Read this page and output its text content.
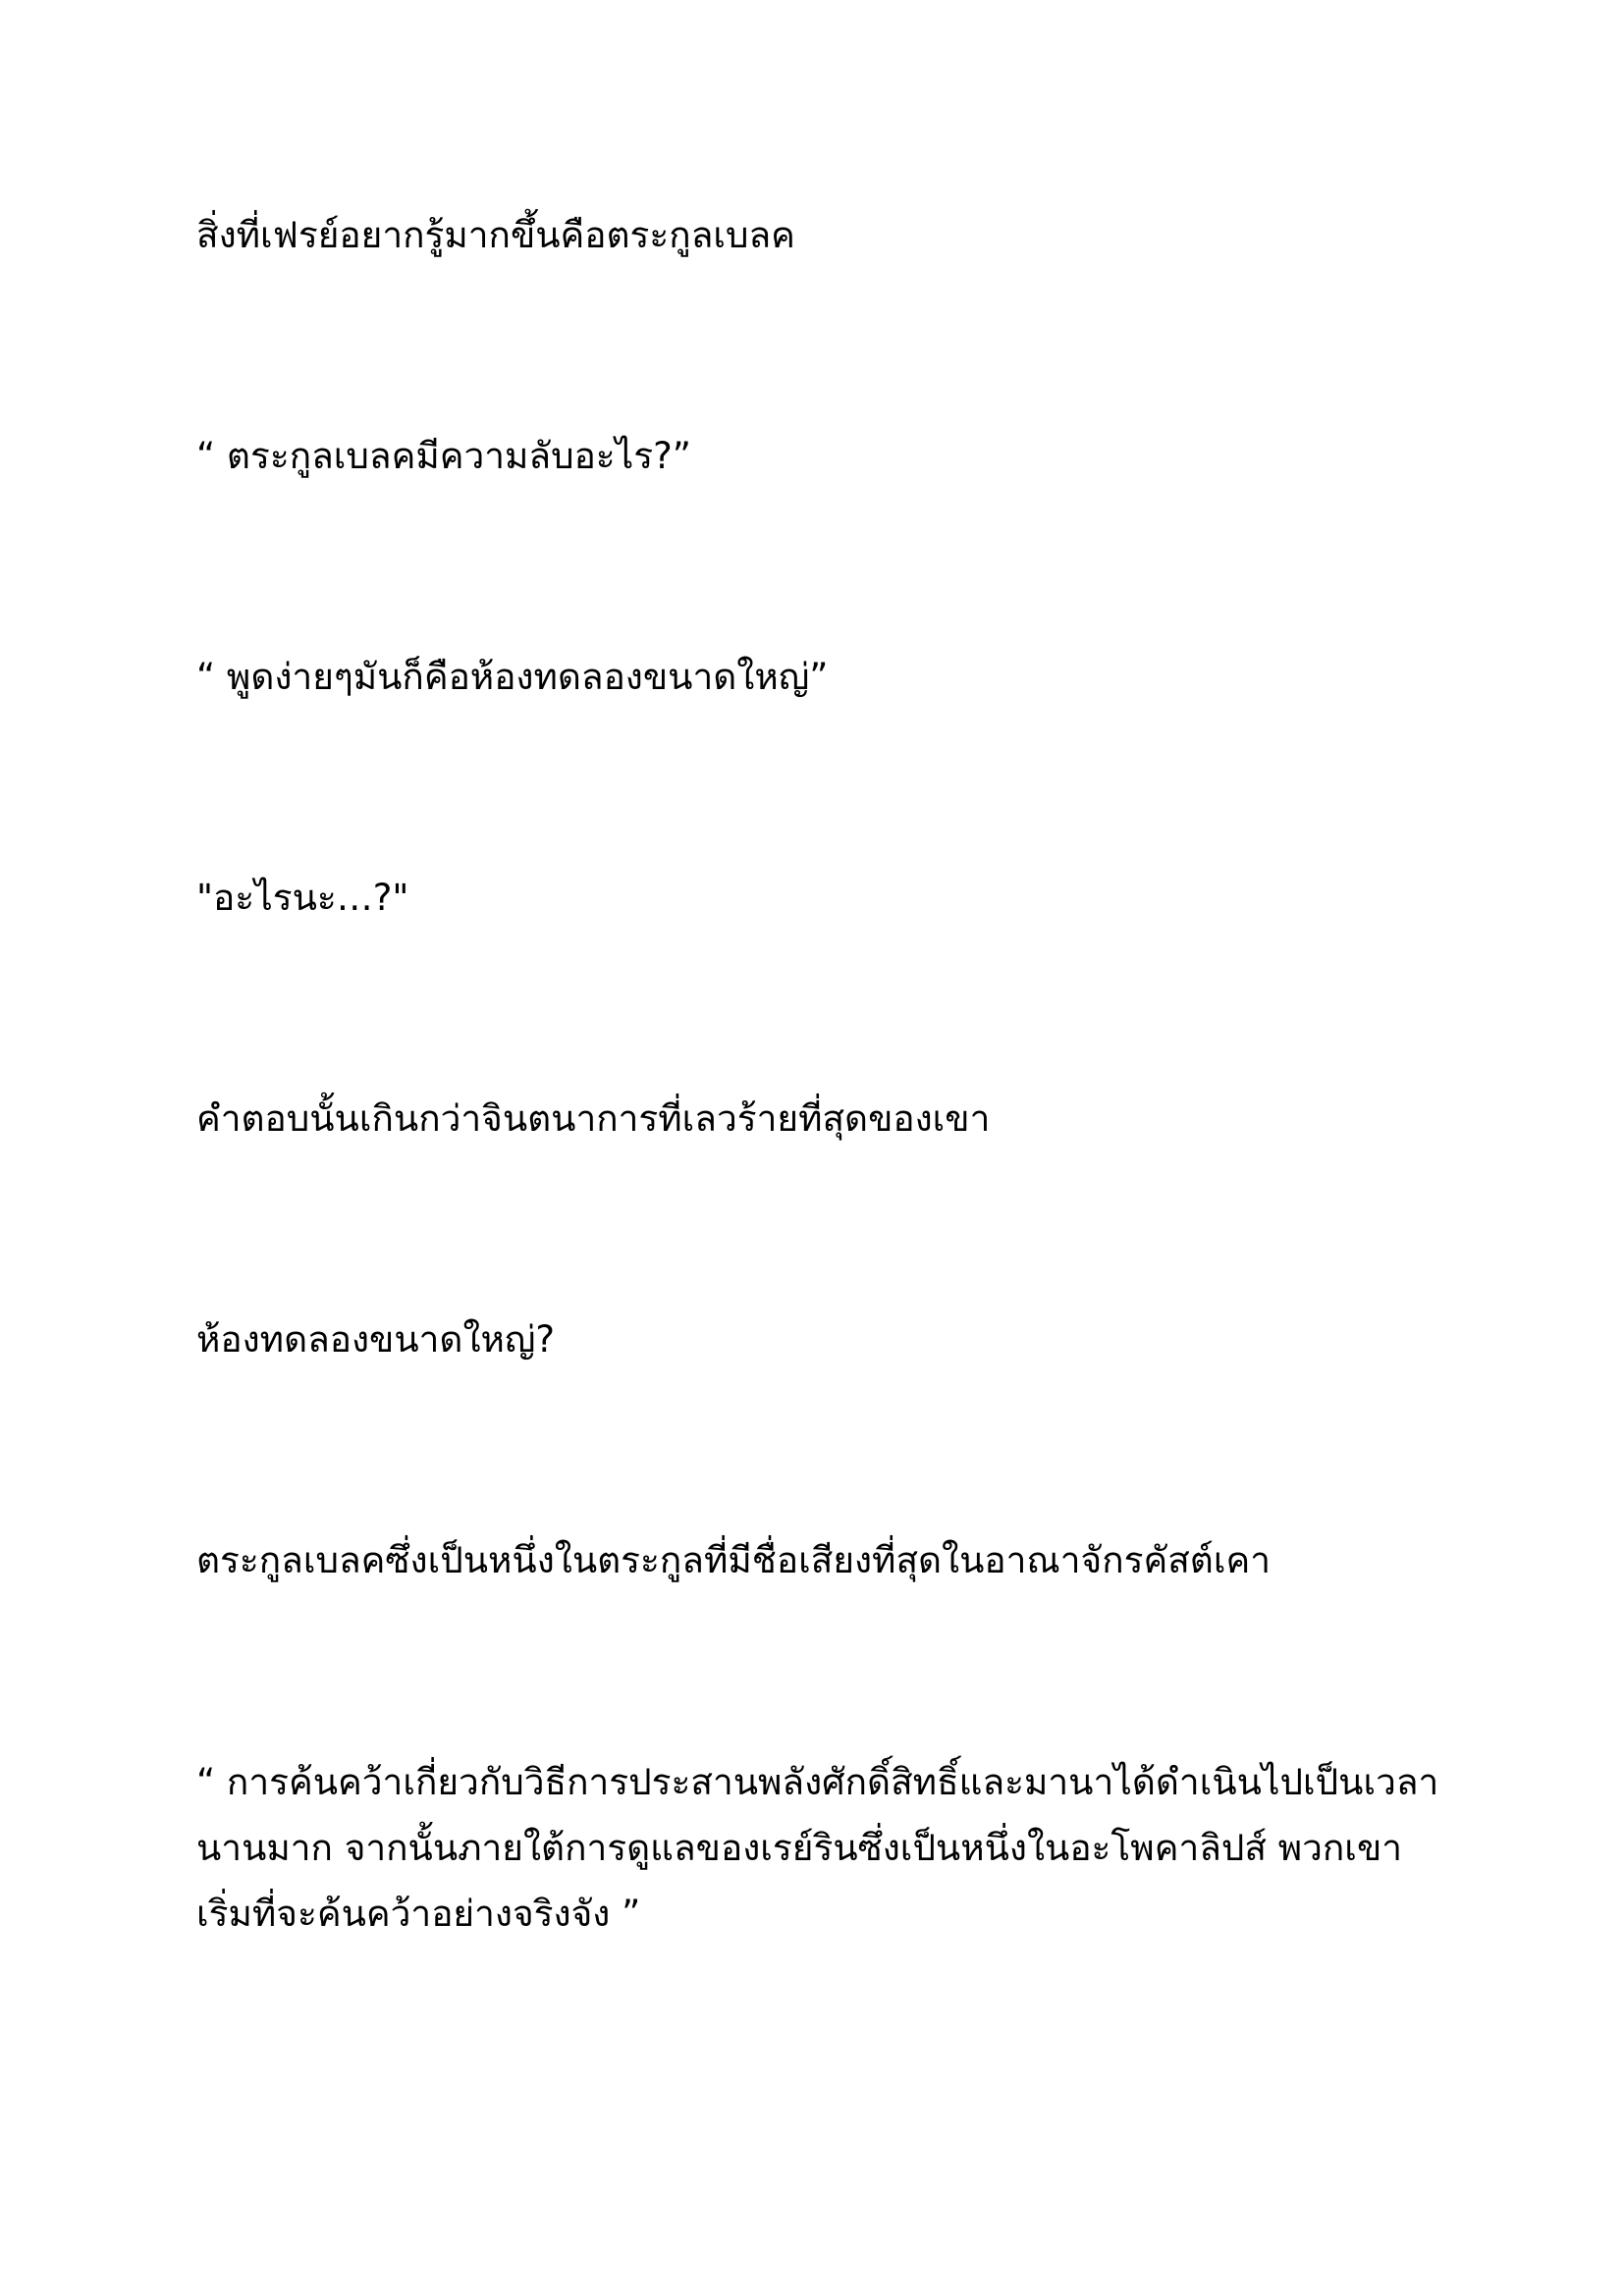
สิ่งที่เฟรย์อยากรู้มากขึ้นคือตระกูลเบลค

“ ตระกูลเบลคมีความลับอะไร?”

“ พูดง่ายๆมันก็คือห้องทดลองขนาดใหญ่”

"อะไรนะ…?"

คำตอบนั้นเกินกว่าจินตนาการที่เลวร้ายที่สุดของเขา

ห้องทดลองขนาดใหญ่?

ตระกูลเบลคซึ่งเป็นหนึ่งในตระกูลที่มีชื่อเสียงที่สุดในอาณาจักรคัสต์เคา

“ การค้นคว้าเกี่ยวกับวิธีการประสานพลังศักดิ์สิทธิ์และมานาได้ดำเนินไปเป็นเวลานานมาก จากนั้นภายใต้การดูแลของเรย์รินซึ่งเป็นหนึ่งในอะโพคาลิปส์ พวกเขาเริ่มที่จะค้นคว้าอย่างจริงจัง ”
